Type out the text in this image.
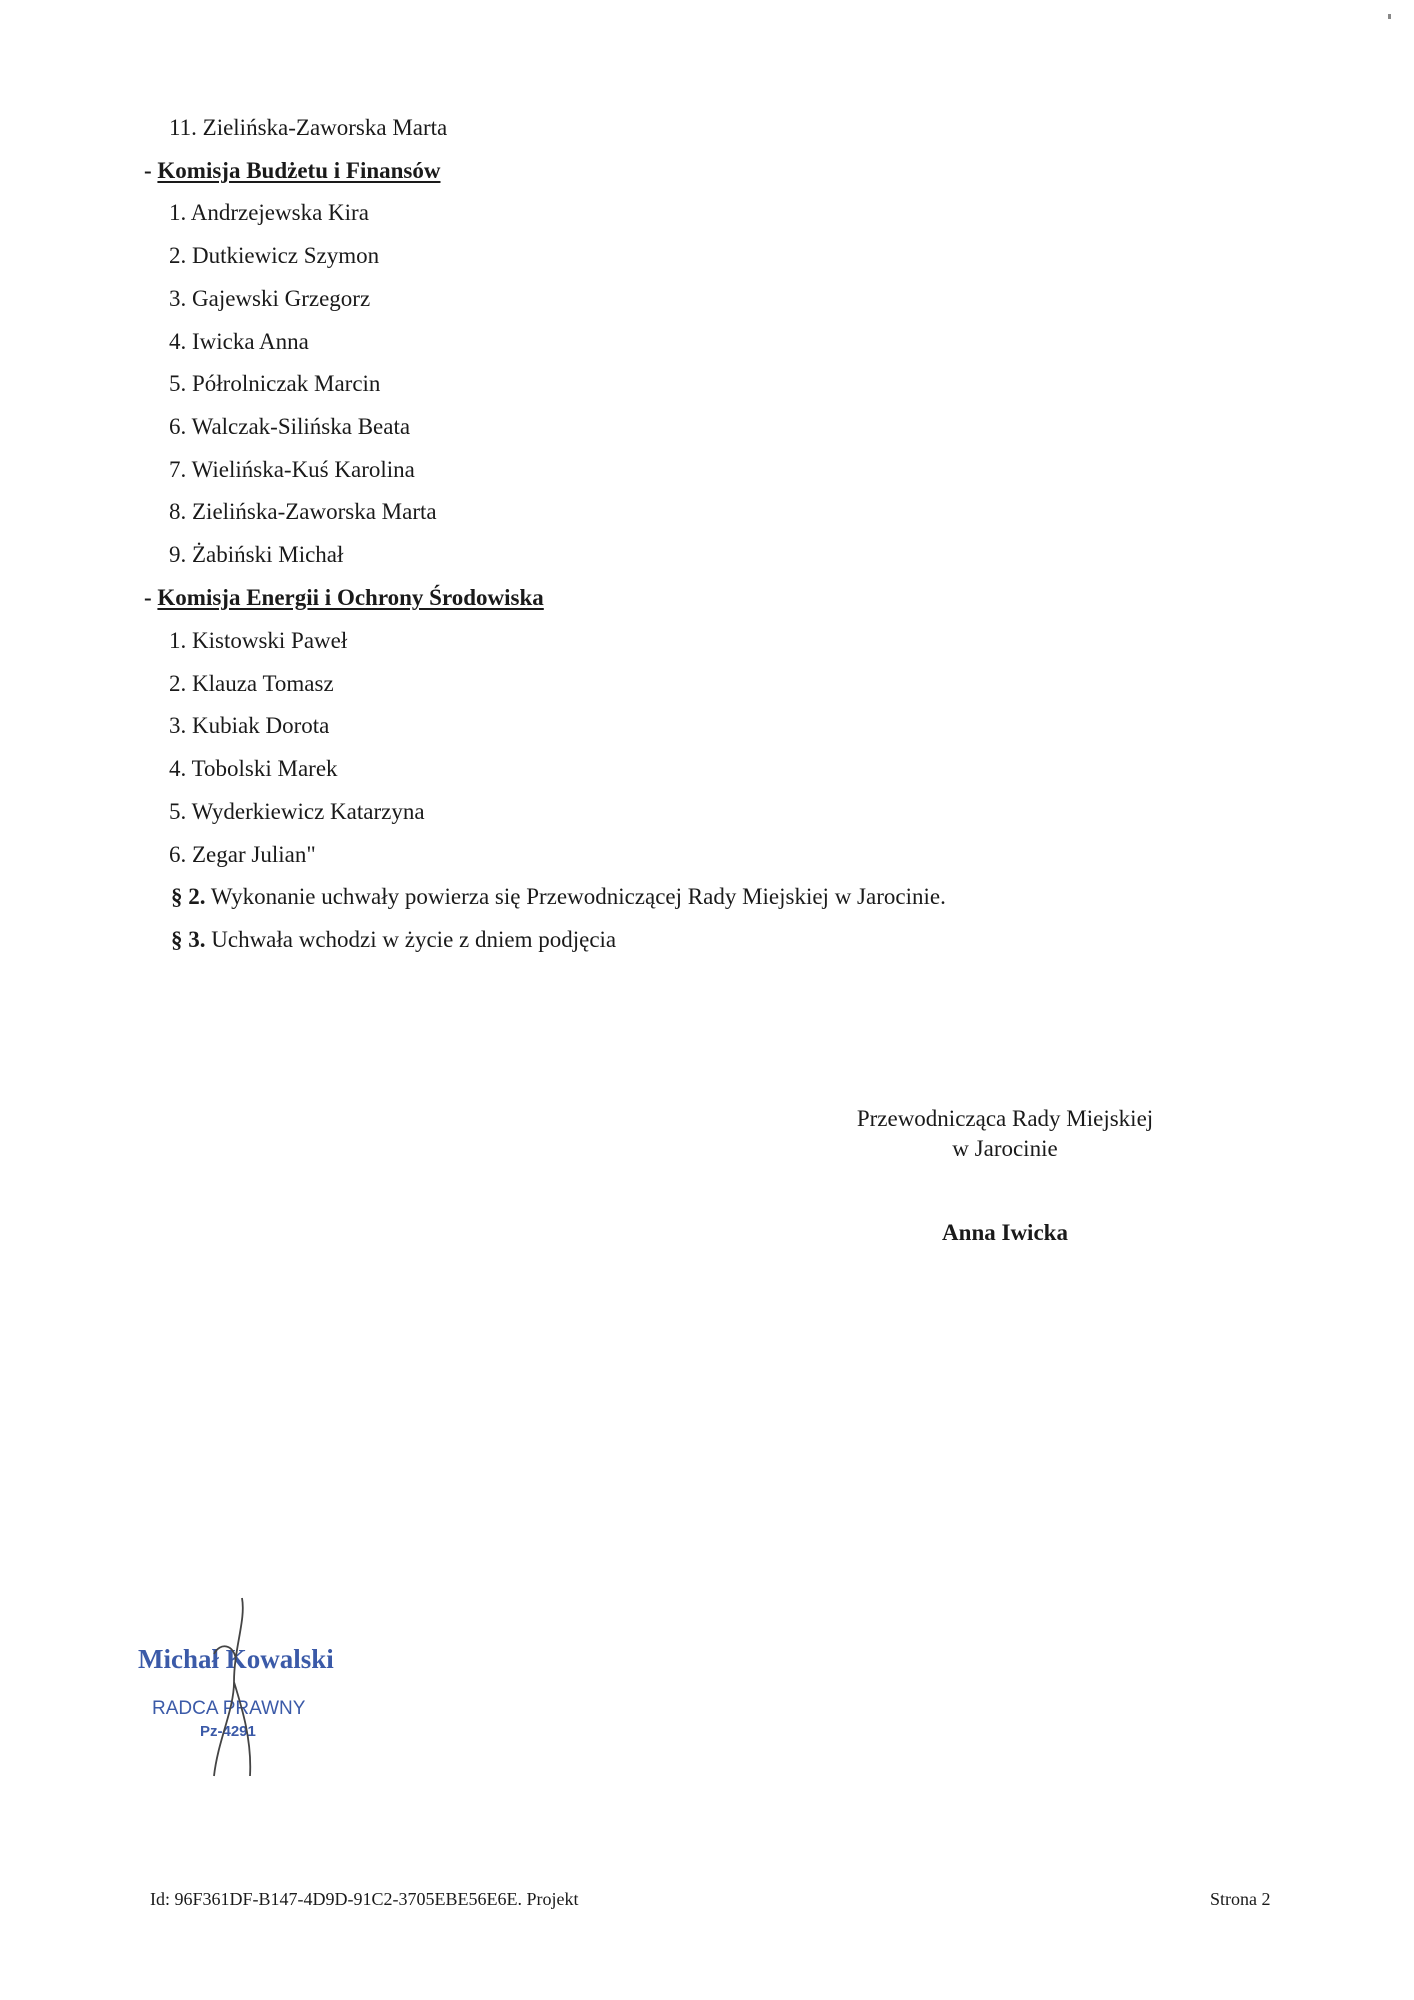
11. Zielińska-Zaworska Marta
- Komisja Budżetu i Finansów
1. Andrzejewska Kira
2. Dutkiewicz Szymon
3. Gajewski Grzegorz
4. Iwicka Anna
5. Półrolniczak Marcin
6. Walczak-Silińska Beata
7. Wielińska-Kuś Karolina
8. Zielińska-Zaworska Marta
9. Żabiński Michał
- Komisja Energii i Ochrony Środowiska
1. Kistowski Paweł
2. Klauza Tomasz
3. Kubiak Dorota
4. Tobolski Marek
5. Wyderkiewicz Katarzyna
6. Zegar Julian"
§ 2. Wykonanie uchwały powierza się Przewodniczącej Rady Miejskiej w Jarocinie.
§ 3. Uchwała wchodzi w życie z dniem podjęcia
Przewodnicząca Rady Miejskiej
w Jarocinie
Anna Iwicka
Michał Kowalski
RADCA PRAWNY
Pz-4291
Id: 96F361DF-B147-4D9D-91C2-3705EBE56E6E. Projekt	Strona 2
